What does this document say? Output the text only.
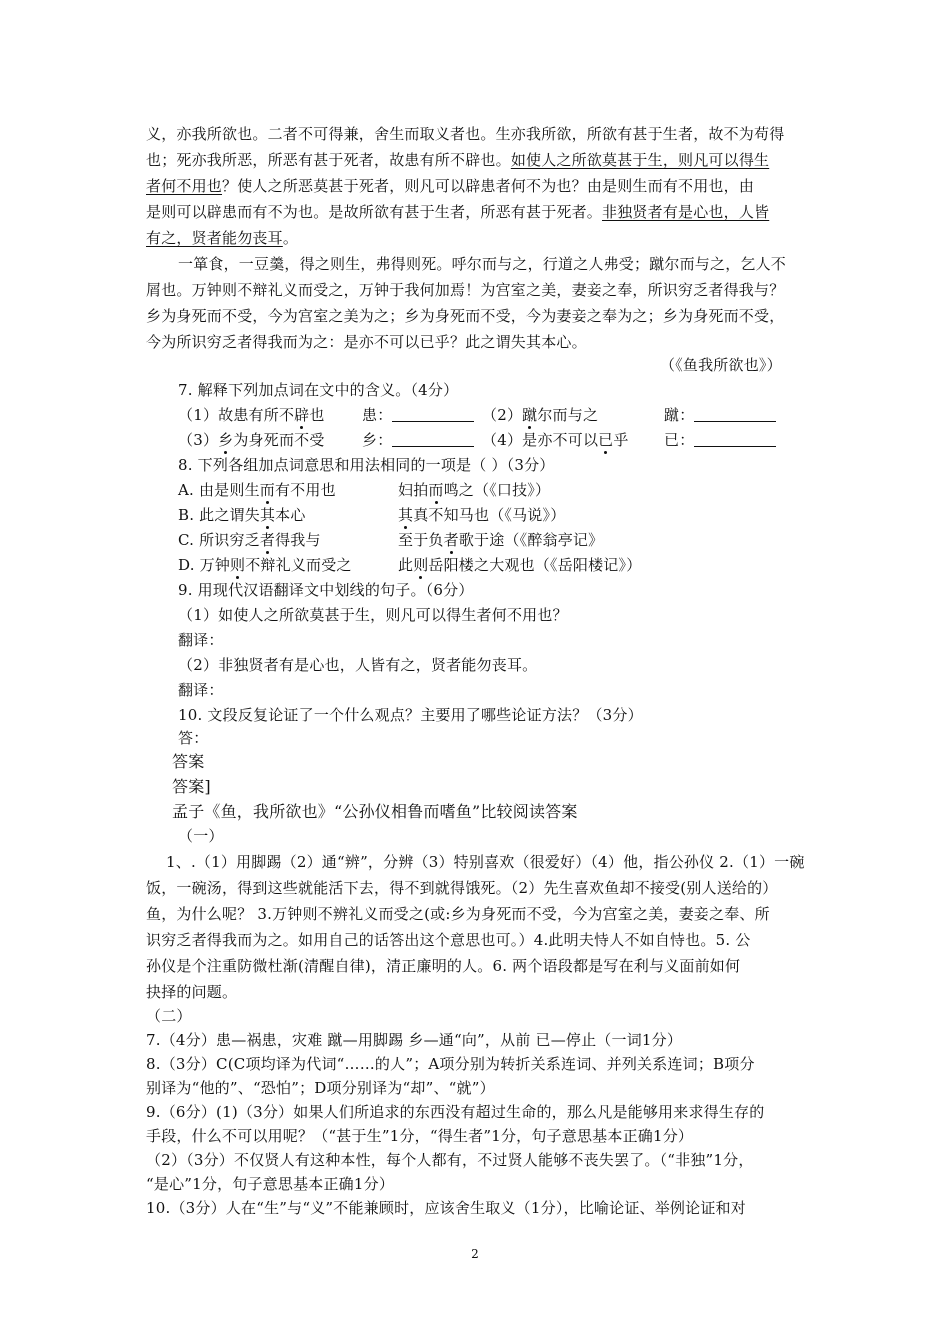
义，亦我所欲也。二者不可得兼，舍生而取义者也。生亦我所欲，所欲有甚于生者，故不为苟得
也；死亦我所恶，所恶有甚于死者，故患有所不辟也。如使人之所欲莫甚于生，则凡可以得生
者何不用也？使人之所恶莫甚于死者，则凡可以辟患者何不为也？由是则生而有不用也，由
是则可以辟患而有不为也。是故所欲有甚于生者，所恶有甚于死者。非独贤者有是心也，人皆
有之，贤者能勿丧耳。
一箪食，一豆羹，得之则生，弗得则死。呼尔而与之，行道之人弗受；蹴尔而与之，乞人不
屑也。万钟则不辩礼义而受之，万钟于我何加焉！为宫室之美，妻妾之奉，所识穷乏者得我与？
乡为身死而不受，今为宫室之美为之；乡为身死而不受，今为妻妾之奉为之；乡为身死而不受，
今为所识穷乏者得我而为之：是亦不可以已乎？此之谓失其本心。
（《鱼我所欲也》）
7. 解释下列加点词在文中的含义。（4分）
（1）故患有所不辟也 患：	（2）蹴尔而与之	蹴：
（3）乡为身死而不受 乡：	（4）是亦不可以已乎 已：
8. 下列各组加点词意思和用法相同的一项是（ ）（3分）
A. 由是则生而有不用也	妇拍而鸣之（《口技》）
B. 此之谓失其本心	其真不知马也（《马说》）
C. 所识穷乏者得我与	至于负者歌于途（《醉翁亭记》
D. 万钟则不辩礼义而受之	此则岳阳楼之大观也（《岳阳楼记》）
9. 用现代汉语翻译文中划线的句子。（6分）
（1）如使人之所欲莫甚于生，则凡可以得生者何不用也？
翻译：
（2）非独贤者有是心也，人皆有之，贤者能勿丧耳。
翻译：
10. 文段反复论证了一个什么观点？主要用了哪些论证方法？（3分）
答：
答案
答案]
孟子《鱼，我所欲也》“公孙仪相鲁而嗜鱼”比较阅读答案
（一）
1、.（1）用脚踢（2）通“辨”，分辨（3）特别喜欢（很爱好）（4）他，指公孙仪 2.（1）一碗
饭，一碗汤，得到这些就能活下去，得不到就得饿死。（2）先生喜欢鱼却不接受(别人送给的）
鱼，为什么呢？ 3.万钟则不辨礼义而受之(或:乡为身死而不受，今为宫室之美，妻妾之奉、所
识穷乏者得我而为之。如用自己的话答出这个意思也可。）4.此明夫恃人不如自恃也。5. 公
孙仪是个注重防微杜渐(清醒自律)，清正廉明的人。6. 两个语段都是写在利与义面前如何
抉择的问题。
（二）
7.（4分）患—祸患，灾难 蹴—用脚踢 乡—通“向”，从前 已—停止（一词1分）
8.（3分）C(C项均译为代词“……的人”；A项分别为转折关系连词、并列关系连词；B项分
别译为“他的”、“恐怕”；D项分别译为“却”、“就”）
9.（6分）(1)（3分）如果人们所追求的东西没有超过生命的，那么凡是能够用来求得生存的
手段，什么不可以用呢？（“甚于生”1分，“得生者”1分，句子意思基本正确1分）
（2）（3分）不仅贤人有这种本性，每个人都有，不过贤人能够不丧失罢了。（“非独”1分，
“是心”1分，句子意思基本正确1分）
10.（3分）人在“生”与“义”不能兼顾时，应该舍生取义（1分），比喻论证、举例论证和对
2
